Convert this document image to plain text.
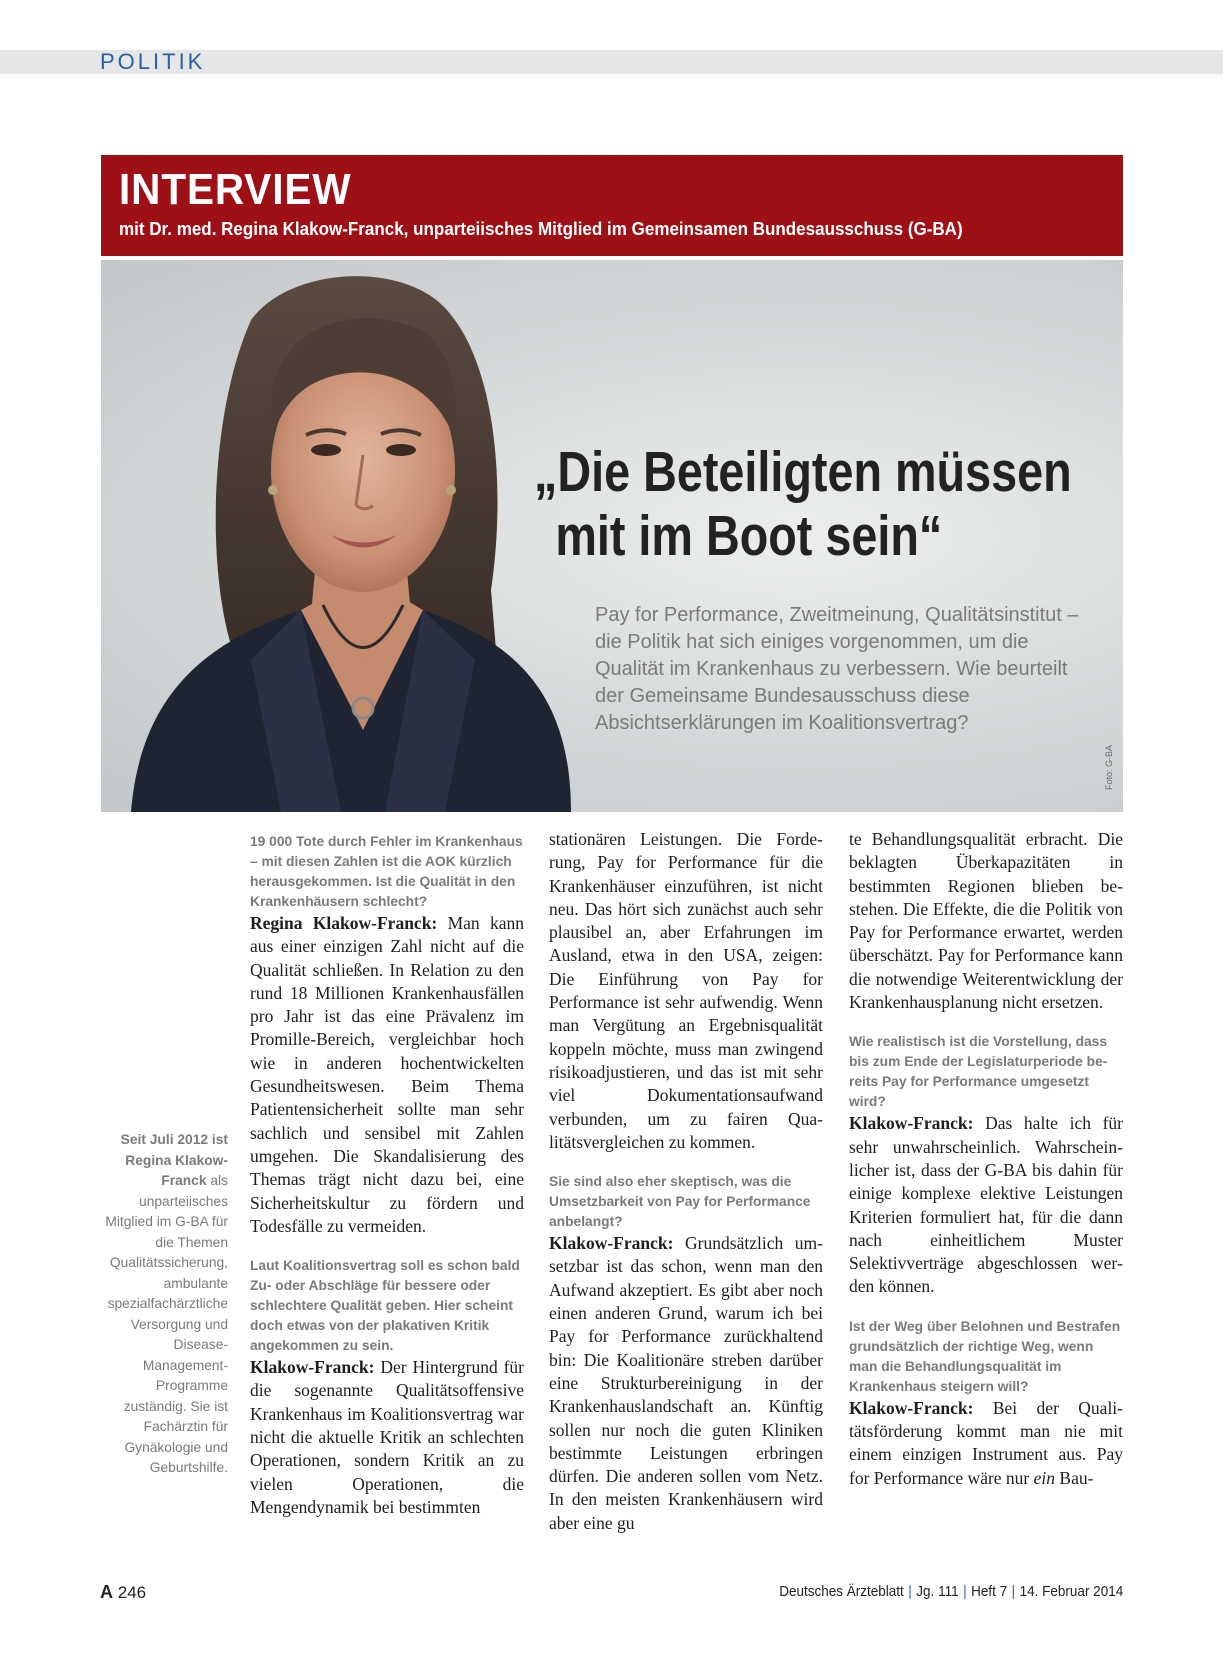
POLITIK
INTERVIEW
mit Dr. med. Regina Klakow-Franck, unparteiisches Mitglied im Gemeinsamen Bundesausschuss (G-BA)
„Die Beteiligten müssen
mit im Boot sein“
Pay for Performance, Zweitmeinung, Qualitätsinstitut – die Politik hat sich einiges vorgenommen, um die Qualität im Krankenhaus zu verbessern. Wie beurteilt der Gemeinsame Bundesausschuss diese Absichtserklärungen im Koalitionsvertrag?
Foto: G-BA
Seit Juli 2012 ist Regina Klakow-Franck als unparteiisches Mitglied im G-BA für die Themen Qualitätssicherung, ambulante spezialfachärztliche Versorgung und Disease-Management-Programme zuständig. Sie ist Fachärztin für Gynäkologie und Geburtshilfe.

19 000 Tote durch Fehler im Krankenhaus – mit diesen Zahlen ist die AOK kürzlich herausgekommen. Ist die Qualität in den Krankenhäusern schlecht?

Regina Klakow-Franck: Man kann aus einer einzigen Zahl nicht auf die Qualität schließen. In Relation zu den rund 18 Millionen Krankenhausfällen pro Jahr ist das eine Prävalenz im Promille-Bereich, vergleichbar hoch wie in anderen hochentwickelten Gesundheitswesen. Beim Thema Patientensicherheit sollte man sehr sachlich und sensibel mit Zahlen umgehen. Die Skandalisierung des Themas trägt nicht dazu bei, eine Sicherheitskultur zu fördern und Todesfälle zu vermeiden.

Laut Koalitionsvertrag soll es schon bald Zu- oder Abschläge für bessere oder schlechtere Qualität geben. Hier scheint doch etwas von der plakativen Kritik angekommen zu sein.

Klakow-Franck: Der Hintergrund für die sogenannte Qualitätsoffensive Krankenhaus im Koalitionsvertrag war nicht die aktuelle Kritik an schlechten Operationen, sondern Kritik an zu vielen Operationen, die Mengendynamik bei bestimmten

stationären Leistungen. Die Forderung, Pay for Performance für die Krankenhäuser einzuführen, ist nicht neu. Das hört sich zunächst auch sehr plausibel an, aber Erfahrungen im Ausland, etwa in den USA, zeigen: Die Einführung von Pay for Performance ist sehr aufwendig. Wenn man Vergütung an Ergebnisqualität koppeln möchte, muss man zwingend risikoadjustieren, und das ist mit sehr viel Dokumentationsaufwand verbunden, um zu fairen Qualitätsvergleichen zu kommen.

Sie sind also eher skeptisch, was die Umsetzbarkeit von Pay for Performance anbelangt?

Klakow-Franck: Grundsätzlich umsetzbar ist das schon, wenn man den Aufwand akzeptiert. Es gibt aber noch einen anderen Grund, warum ich bei Pay for Performance zurückhaltend bin: Die Koalitionäre streben darüber eine Strukturbereinigung in der Krankenhauslandschaft an. Künftig sollen nur noch die guten Kliniken bestimmte Leistungen erbringen dürfen. Die anderen sollen vom Netz. In den meisten Krankenhäusern wird aber eine gu

te Behandlungsqualität erbracht. Die beklagten Überkapazitäten in bestimmten Regionen blieben bestehen. Die Effekte, die die Politik von Pay for Performance erwartet, werden überschätzt. Pay for Performance kann die notwendige Weiterentwicklung der Krankenhausplanung nicht ersetzen.

Wie realistisch ist die Vorstellung, dass bis zum Ende der Legislaturperiode bereits Pay for Performance umgesetzt wird?

Klakow-Franck: Das halte ich für sehr unwahrscheinlich. Wahrscheinlicher ist, dass der G-BA bis dahin für einige komplexe elektive Leistungen Kriterien formuliert hat, für die dann nach einheitlichem Muster Selektivverträge abgeschlossen werden können.

Ist der Weg über Belohnen und Bestrafen grundsätzlich der richtige Weg, wenn man die Behandlungsqualität im Krankenhaus steigern will?

Klakow-Franck: Bei der Qualitätsförderung kommt man nie mit einem einzigen Instrument aus. Pay for Performance wäre nur ein Bau-

A 246	Deutsches Ärzteblatt | Jg. 111 | Heft 7 | 14. Februar 2014
